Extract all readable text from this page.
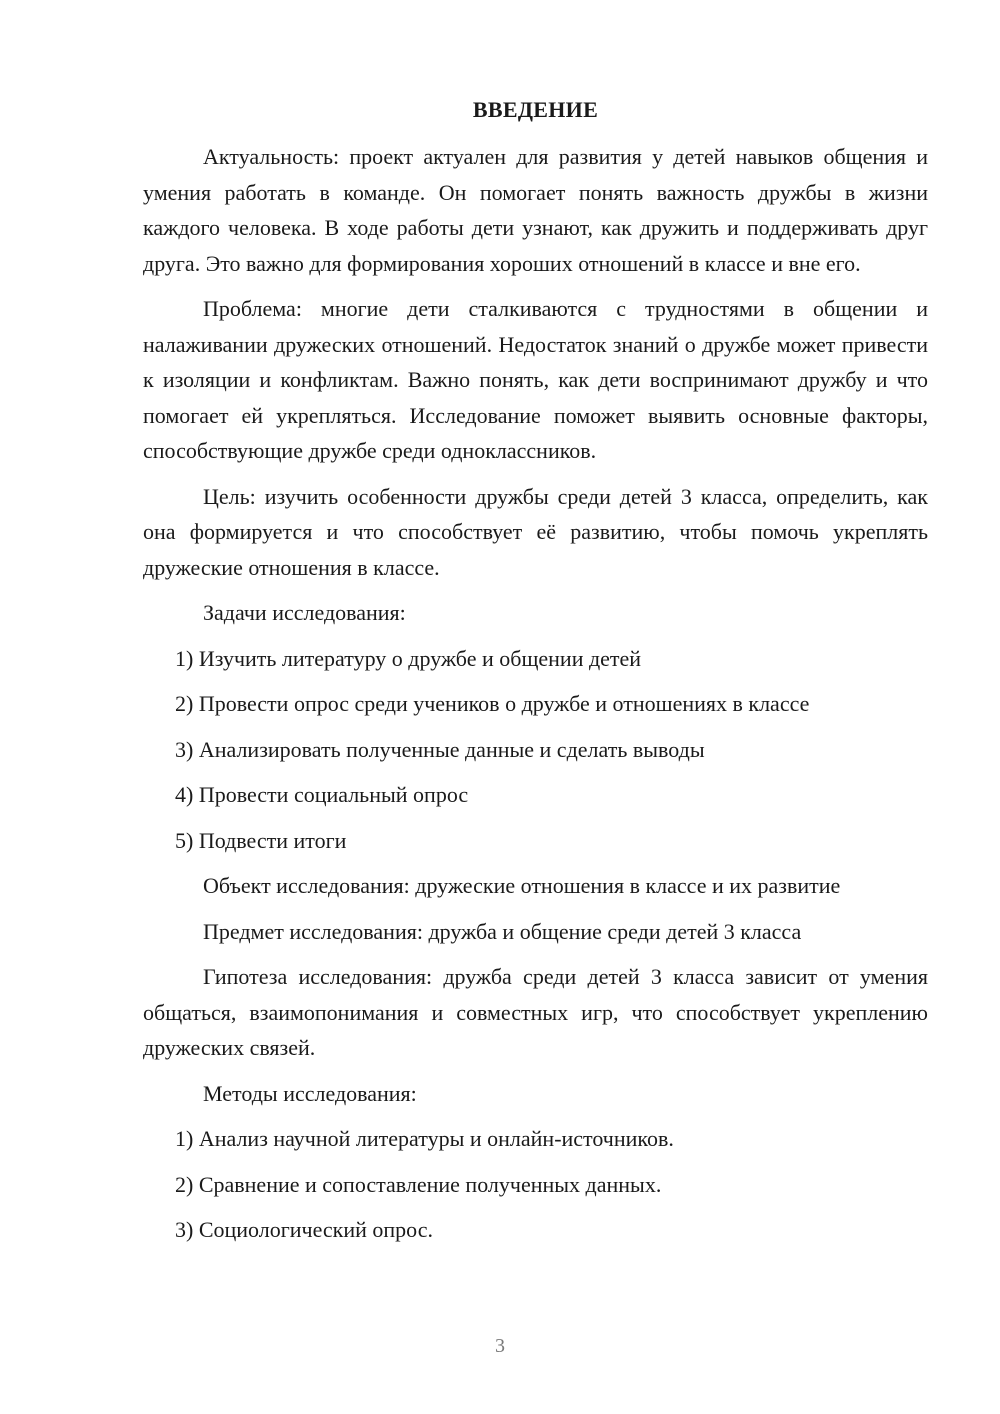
ВВЕДЕНИЕ

Актуальность: проект актуален для развития у детей навыков общения и умения работать в команде. Он помогает понять важность дружбы в жизни каждого человека. В ходе работы дети узнают, как дружить и поддерживать друг друга. Это важно для формирования хороших отношений в классе и вне его.

Проблема: многие дети сталкиваются с трудностями в общении и налаживании дружеских отношений. Недостаток знаний о дружбе может привести к изоляции и конфликтам. Важно понять, как дети воспринимают дружбу и что помогает ей укрепляться. Исследование поможет выявить основные факторы, способствующие дружбе среди одноклассников.

Цель: изучить особенности дружбы среди детей 3 класса, определить, как она формируется и что способствует её развитию, чтобы помочь укреплять дружеские отношения в классе.

Задачи исследования:

1) Изучить литературу о дружбе и общении детей
2) Провести опрос среди учеников о дружбе и отношениях в классе
3) Анализировать полученные данные и сделать выводы
4) Провести социальный опрос
5) Подвести итоги

Объект исследования: дружеские отношения в классе и их развитие

Предмет исследования: дружба и общение среди детей 3 класса

Гипотеза исследования: дружба среди детей 3 класса зависит от умения общаться, взаимопонимания и совместных игр, что способствует укреплению дружеских связей.

Методы исследования:

1) Анализ научной литературы и онлайн-источников.
2) Сравнение и сопоставление полученных данных.
3) Социологический опрос.
3
